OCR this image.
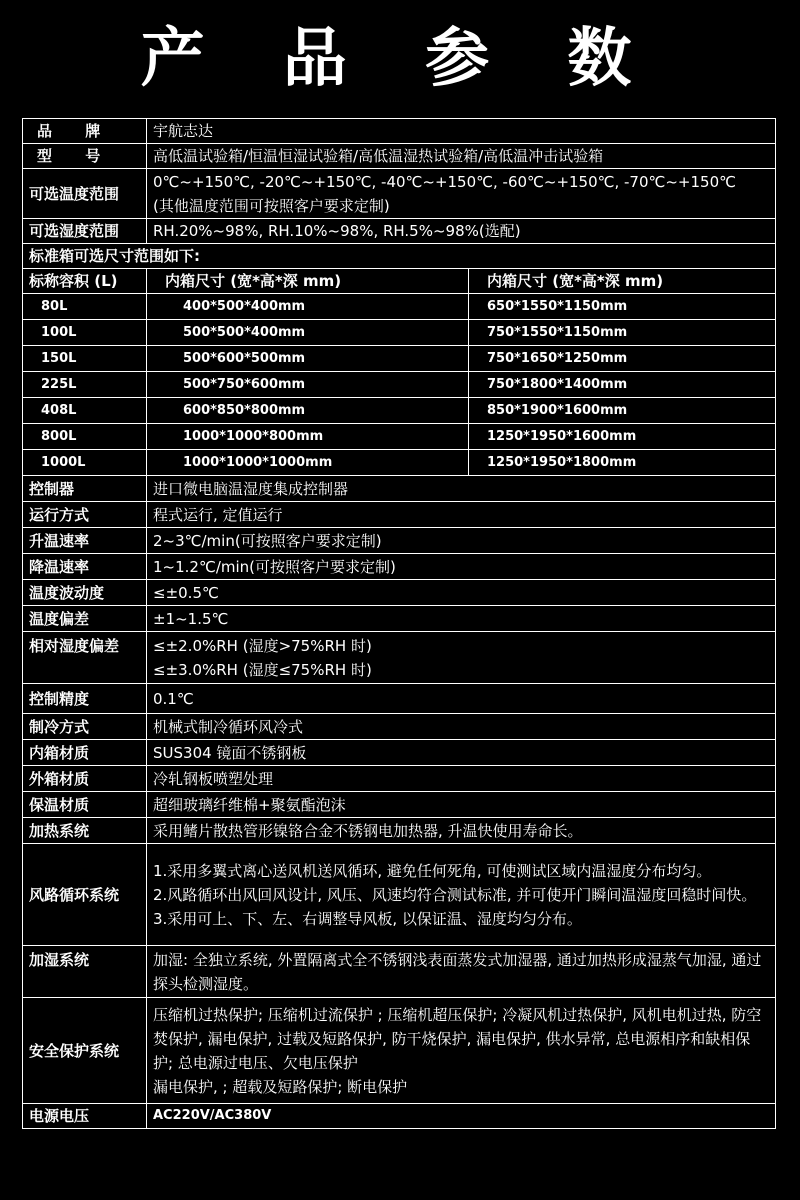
产 品 参 数
品 牌	宇航志达	
型 号	高低温试验箱/恒温恒湿试验箱/高低温湿热试验箱/高低温冲击试验箱	
可选温度范围	0℃~+150℃, -20℃~+150℃, -40℃~+150℃, -60℃~+150℃, -70℃~+150℃
(其他温度范围可按照客户要求定制)	

可选湿度范围	RH.20%~98%, RH.10%~98%, RH.5%~98%(选配)	
标准箱可选尺寸范围如下:		
标称容积 (L)	内箱尺寸 (宽*高*深 mm)	内箱尺寸 (宽*高*深 mm)
80L	400*500*400mm	650*1550*1150mm
100L	500*500*400mm	750*1550*1150mm
150L	500*600*500mm	750*1650*1250mm
225L	500*750*600mm	750*1800*1400mm
408L	600*850*800mm	850*1900*1600mm
800L	1000*1000*800mm	1250*1950*1600mm
1000L	1000*1000*1000mm	1250*1950*1800mm
控制器	进口微电脑温湿度集成控制器	
运行方式	程式运行, 定值运行	
升温速率	2~3℃/min(可按照客户要求定制)	
降温速率	1~1.2℃/min(可按照客户要求定制)	
温度波动度	≤±0.5℃	
温度偏差	±1~1.5℃	
相对湿度偏差	≤±2.0%RH (湿度>75%RH 时)
≤±3.0%RH (湿度≤75%RH 时)	

控制精度	0.1℃	
制冷方式	机械式制冷循环风冷式	
内箱材质	SUS304 镜面不锈钢板	
外箱材质	冷轧钢板喷塑处理	
保温材质	超细玻璃纤维棉+聚氨酯泡沫	
加热系统	采用鳍片散热管形镍铬合金不锈钢电加热器, 升温快使用寿命长。	
风路循环系统	1.采用多翼式离心送风机送风循环, 避免任何死角, 可使测试区域内温湿度分布均匀。
2.风路循环出风回风设计, 风压、风速均符合测试标准, 并可使开门瞬间温湿度回稳时间快。
3.采用可上、下、左、右调整导风板, 以保证温、湿度均匀分布。	

加湿系统	加湿: 全独立系统, 外置隔离式全不锈钢浅表面蒸发式加湿器, 通过加热形成湿蒸气加湿, 通过探头检测湿度。	
安全保护系统	压缩机过热保护; 压缩机过流保护 ; 压缩机超压保护; 冷凝风机过热保护, 风机电机过热, 防空焚保护, 漏电保护, 过载及短路保护, 防干烧保护, 漏电保护, 供水异常, 总电源相序和缺相保护; 总电源过电压、欠电压保护
漏电保护, ; 超载及短路保护; 断电保护	

电源电压	AC220V/AC380V	
